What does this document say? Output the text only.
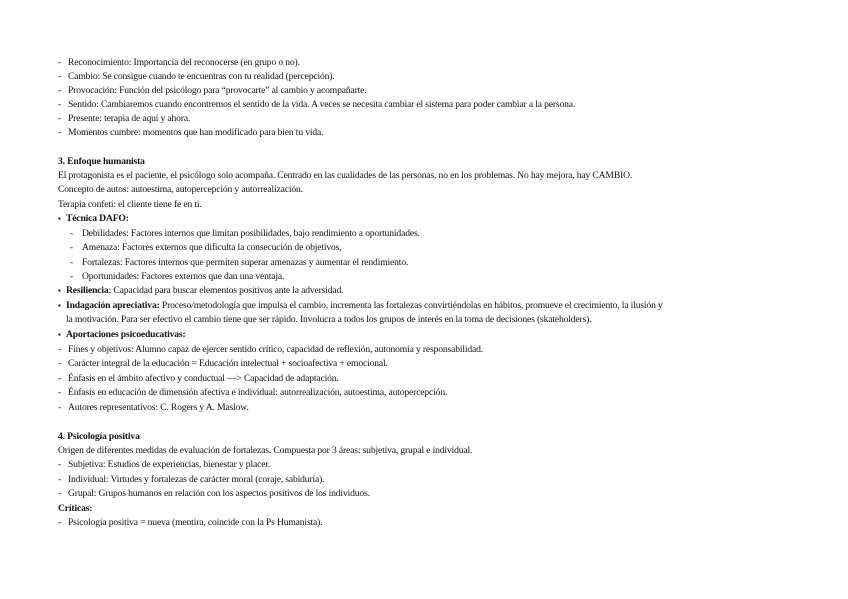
- Reconocimiento: Importancia del reconocerse (en grupo o no).
- Cambio: Se consigue cuando te encuentras con tu realidad (percepción).
- Provocación: Función del psicólogo para “provocarte” al cambio y acompañarte.
- Sentido: Cambiaremos cuando encontremos el sentido de la vida. A veces se necesita cambiar el sistema para poder cambiar a la persona.
- Presente: terapia de aquí y ahora.
- Momentos cumbre: momentos que han modificado para bien tu vida.
3. Enfoque humanista
El protagonista es el paciente, el psicólogo solo acompaña. Centrado en las cualidades de las personas, no en los problemas. No hay mejora, hay CAMBIO.
Concepto de autos: autoestima, autopercepción y autorrealización.
Terapia confeti: el cliente tiene fe en ti.
▪ Técnica DAFO:
- Debilidades: Factores internos que limitan posibilidades, bajo rendimiento a oportunidades.
- Amenaza: Factores externos que dificulta la consecución de objetivos,
- Fortalezas: Factores internos que permiten superar amenazas y aumentar el rendimiento.
- Oportunidades: Factores externos que dan una ventaja.
▪ Resiliencia: Capacidad para buscar elementos positivos ante la adversidad.
▪ Indagación apreciativa: Proceso/metodología que impulsa el cambio, incrementa las fortalezas convirtiéndolas en hábitos, promueve el crecimiento, la ilusión y
la motivación. Para ser efectivo el cambio tiene que ser rápido. Involucra a todos los grupos de interés en la toma de decisiones (skateholders).
▪ Aportaciones psicoeducativas:
- Fines y objetivos: Alumno capaz de ejercer sentido crítico, capacidad de reflexión, autonomía y responsabilidad.
- Carácter integral de la educación = Educación intelectual + socioafectiva + emocional.
- Énfasis en el ámbito afectivo y conductual —> Capacidad de adaptación.
- Énfasis en educación de dimensión afectiva e individual: autorrealización, autoestima, autopercepción.
- Autores representativos: C. Rogers y A. Maslow.
4. Psicología positiva
Origen de diferentes medidas de evaluación de fortalezas. Compuesta por 3 áreas: subjetiva, grupal e individual.
- Subjetiva: Estudios de experiencias, bienestar y placer.
- Individual: Virtudes y fortalezas de carácter moral (coraje, sabiduría).
- Grupal: Grupos humanos en relación con los aspectos positivos de los individuos.
Críticas:
- Psicología positiva = nueva (mentira, coincide con la Ps Humanista).
